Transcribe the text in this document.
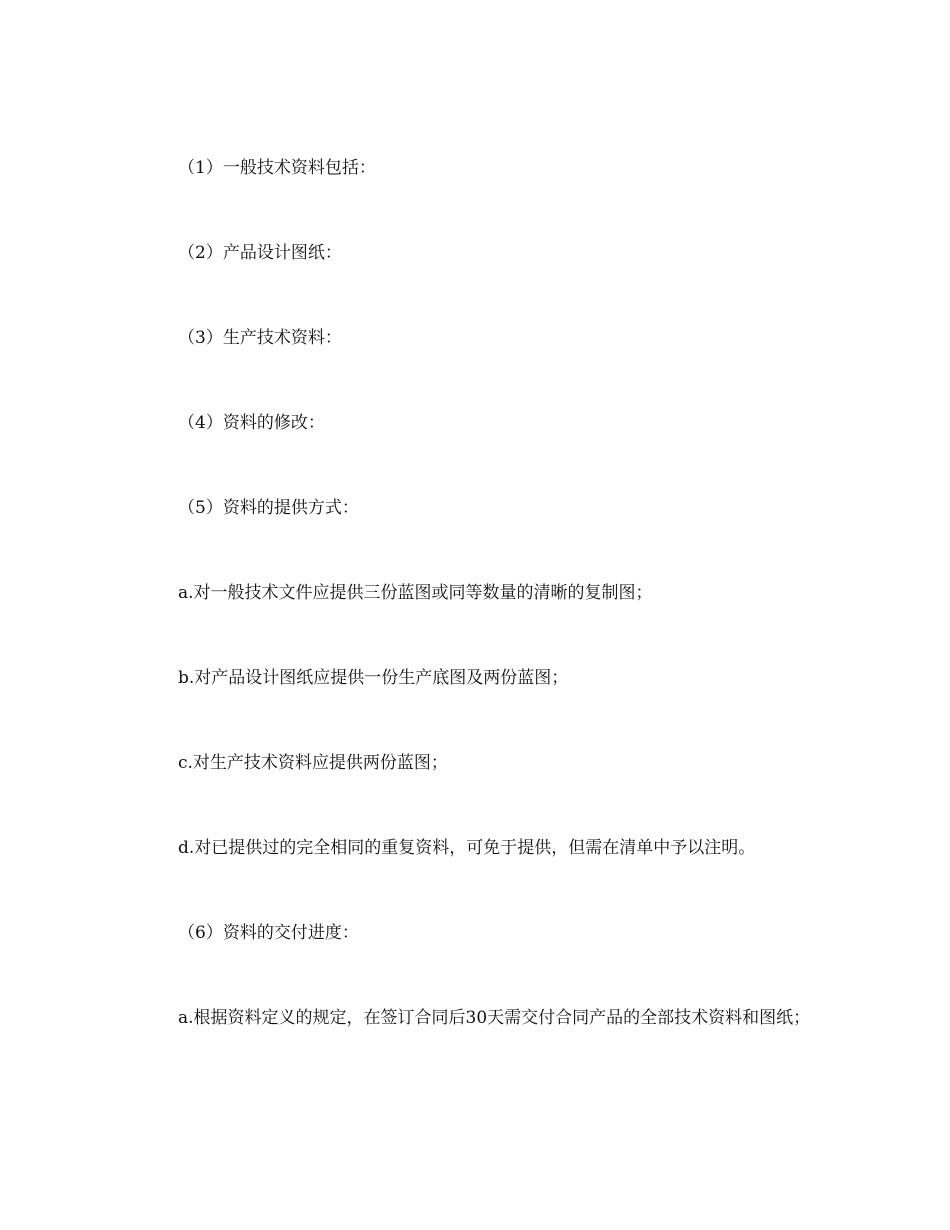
（1）一般技术资料包括：
（2）产品设计图纸：
（3）生产技术资料：
（4）资料的修改：
（5）资料的提供方式：
a.对一般技术文件应提供三份蓝图或同等数量的清晰的复制图；
b.对产品设计图纸应提供一份生产底图及两份蓝图；
c.对生产技术资料应提供两份蓝图；
d.对已提供过的完全相同的重复资料，可免于提供，但需在清单中予以注明。
（6）资料的交付进度：
a.根据资料定义的规定，在签订合同后30天需交付合同产品的全部技术资料和图纸；
